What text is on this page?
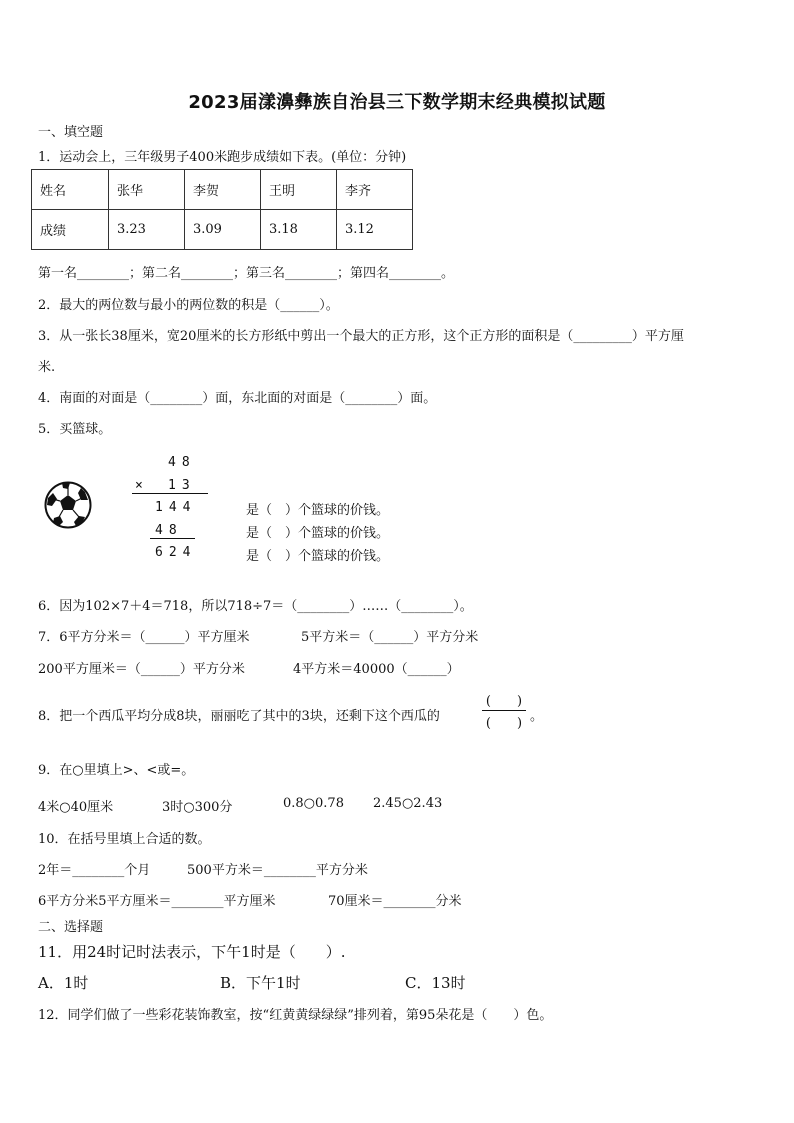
2023届漾濞彝族自治县三下数学期末经典模拟试题
一、填空题
1．运动会上，三年级男子400米跑步成绩如下表。(单位：分钟)
姓名	张华	李贺	王明	李齐
成绩	3.23	3.09	3.18	3.12
第一名________；第二名________；第三名________；第四名________。
2．最大的两位数与最小的两位数的积是（______）。
3．从一张长38厘米，宽20厘米的长方形纸中剪出一个最大的正方形，这个正方形的面积是（_________）平方厘
米.
4．南面的对面是（________）面，东北面的对面是（________）面。
5．买篮球。
48
× 13
144
48
624
是（　）个篮球的价钱。
是（　）个篮球的价钱。
是（　）个篮球的价钱。
6．因为102×7＋4＝718，所以718÷7＝（________）……（________）。
7．6平方分米＝（______）平方厘米	5平方米＝（______）平方分米
200平方厘米＝（______）平方分米	4平方米＝40000（______）
8．把一个西瓜平均分成8块，丽丽吃了其中的3块，还剩下这个西瓜的
(　　)
(　　) 。
9．在○里填上>、<或=。
4米○40厘米	3时○300分	0.8○0.78 2.45○2.43
10．在括号里填上合适的数。
2年＝________个月	500平方米＝________平方分米
6平方分米5平方厘米＝________平方厘米	70厘米＝________分米
二、选择题
11．用24时记时法表示，下午1时是（　　）.
A．1时	B．下午1时	C．13时
12．同学们做了一些彩花装饰教室，按“红黄黄绿绿绿”排列着，第95朵花是（　　）色。
